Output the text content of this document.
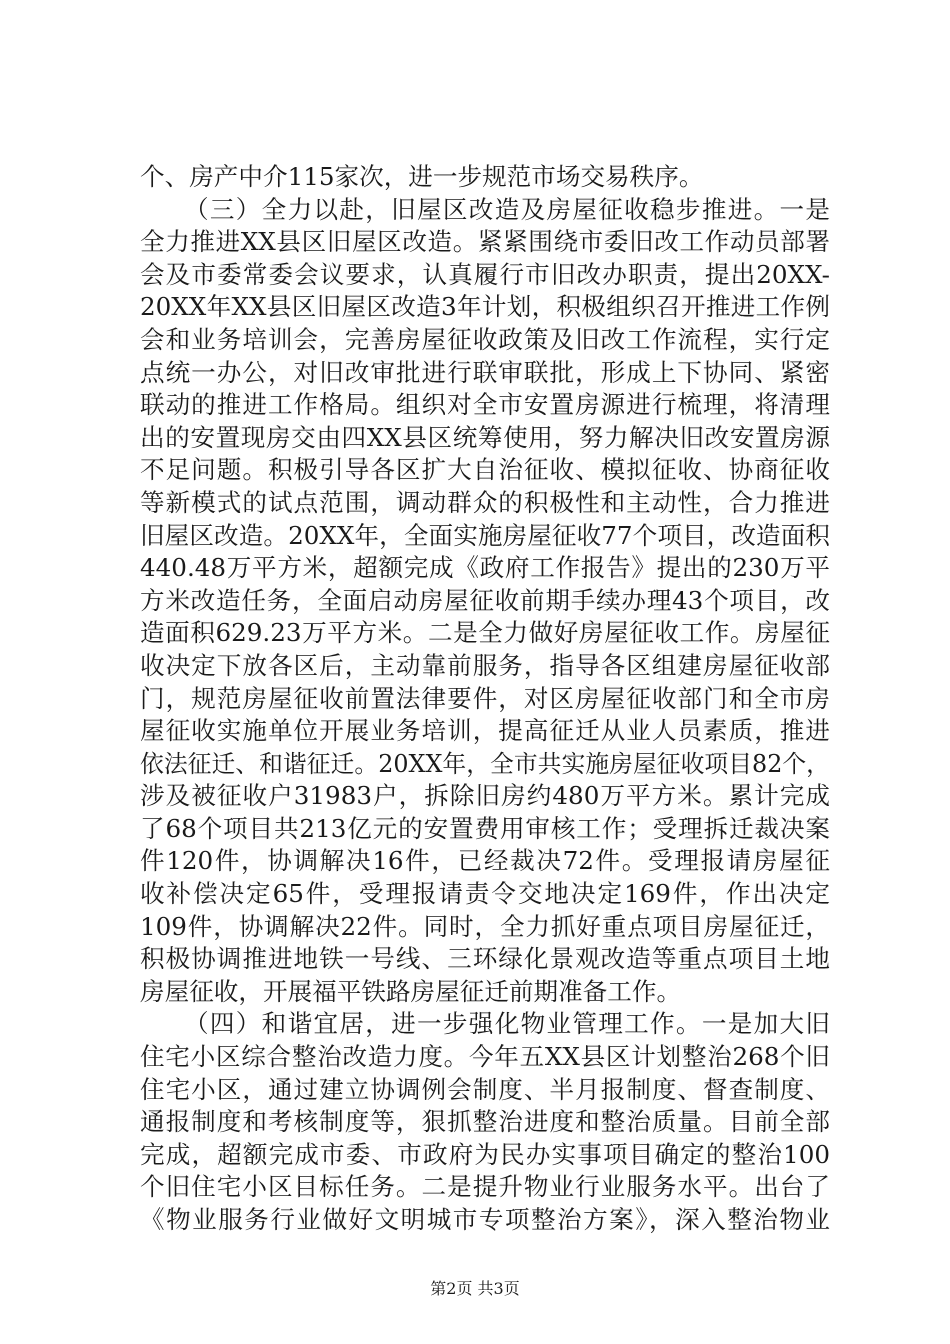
个、房产中介115家次，进一步规范市场交易秩序。
（三）全力以赴，旧屋区改造及房屋征收稳步推进。一是
全力推进XX县区旧屋区改造。紧紧围绕市委旧改工作动员部署
会及市委常委会议要求，认真履行市旧改办职责，提出20XX-
20XX年XX县区旧屋区改造3年计划，积极组织召开推进工作例
会和业务培训会，完善房屋征收政策及旧改工作流程，实行定
点统一办公，对旧改审批进行联审联批，形成上下协同、紧密
联动的推进工作格局。组织对全市安置房源进行梳理，将清理
出的安置现房交由四XX县区统筹使用，努力解决旧改安置房源
不足问题。积极引导各区扩大自治征收、模拟征收、协商征收
等新模式的试点范围，调动群众的积极性和主动性，合力推进
旧屋区改造。20XX年，全面实施房屋征收77个项目，改造面积
440.48万平方米，超额完成《政府工作报告》提出的230万平
方米改造任务，全面启动房屋征收前期手续办理43个项目，改
造面积629.23万平方米。二是全力做好房屋征收工作。房屋征
收决定下放各区后，主动靠前服务，指导各区组建房屋征收部
门，规范房屋征收前置法律要件，对区房屋征收部门和全市房
屋征收实施单位开展业务培训，提高征迁从业人员素质，推进
依法征迁、和谐征迁。20XX年，全市共实施房屋征收项目82个，
涉及被征收户31983户，拆除旧房约480万平方米。累计完成
了68个项目共213亿元的安置费用审核工作；受理拆迁裁决案
件120件，协调解决16件，已经裁决72件。受理报请房屋征
收补偿决定65件，受理报请责令交地决定169件，作出决定
109件，协调解决22件。同时，全力抓好重点项目房屋征迁，
积极协调推进地铁一号线、三环绿化景观改造等重点项目土地
房屋征收，开展福平铁路房屋征迁前期准备工作。
（四）和谐宜居，进一步强化物业管理工作。一是加大旧
住宅小区综合整治改造力度。今年五XX县区计划整治268个旧
住宅小区，通过建立协调例会制度、半月报制度、督查制度、
通报制度和考核制度等，狠抓整治进度和整治质量。目前全部
完成，超额完成市委、市政府为民办实事项目确定的整治100
个旧住宅小区目标任务。二是提升物业行业服务水平。出台了
《物业服务行业做好文明城市专项整治方案》，深入整治物业
第2页 共3页
